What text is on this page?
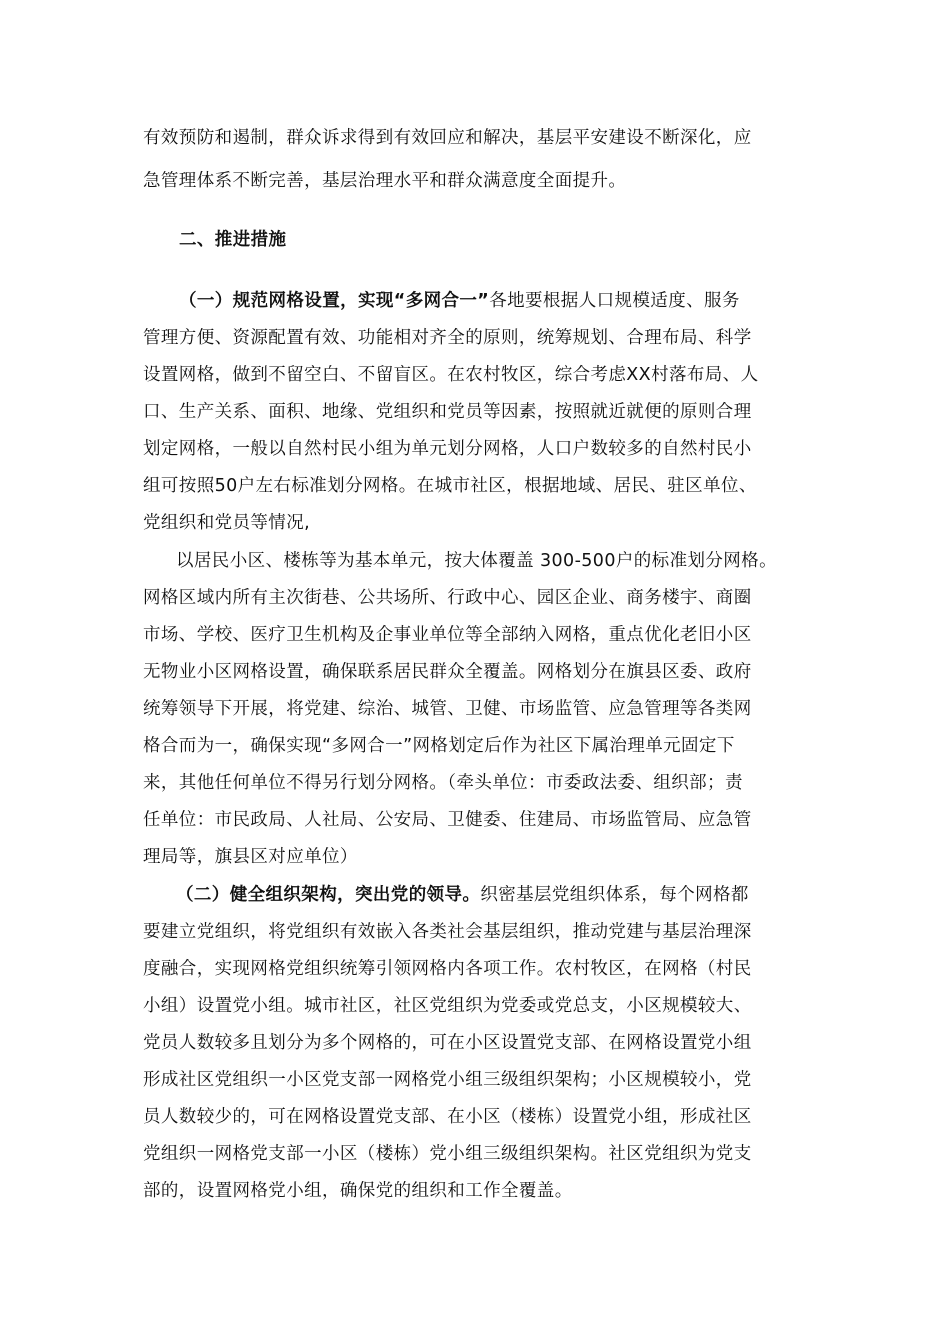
有效预防和遏制，群众诉求得到有效回应和解决，基层平安建设不断深化，应
急管理体系不断完善，基层治理水平和群众满意度全面提升。
二、推进措施
（一）规范网格设置，实现“多网合一”各地要根据人口规模适度、服务
管理方便、资源配置有效、功能相对齐全的原则，统筹规划、合理布局、科学
设置网格，做到不留空白、不留盲区。在农村牧区，综合考虑XX村落布局、人
口、生产关系、面积、地缘、党组织和党员等因素，按照就近就便的原则合理
划定网格，一般以自然村民小组为单元划分网格，人口户数较多的自然村民小
组可按照50户左右标准划分网格。在城市社区，根据地域、居民、驻区单位、
党组织和党员等情况,
以居民小区、楼栋等为基本单元，按大体覆盖 300-500户的标准划分网格。
网格区域内所有主次街巷、公共场所、行政中心、园区企业、商务楼宇、商圈
市场、学校、医疗卫生机构及企事业单位等全部纳入网格，重点优化老旧小区
无物业小区网格设置，确保联系居民群众全覆盖。网格划分在旗县区委、政府
统筹领导下开展，将党建、综治、城管、卫健、市场监管、应急管理等各类网
格合而为一，确保实现“多网合一”网格划定后作为社区下属治理单元固定下
来，其他任何单位不得另行划分网格。（牵头单位：市委政法委、组织部；责
任单位：市民政局、人社局、公安局、卫健委、住建局、市场监管局、应急管
理局等，旗县区对应单位）
（二）健全组织架构，突出党的领导。织密基层党组织体系，每个网格都
要建立党组织，将党组织有效嵌入各类社会基层组织，推动党建与基层治理深
度融合，实现网格党组织统筹引领网格内各项工作。农村牧区，在网格（村民
小组）设置党小组。城市社区，社区党组织为党委或党总支，小区规模较大、
党员人数较多且划分为多个网格的，可在小区设置党支部、在网格设置党小组
形成社区党组织一小区党支部一网格党小组三级组织架构；小区规模较小，党
员人数较少的，可在网格设置党支部、在小区（楼栋）设置党小组，形成社区
党组织一网格党支部一小区（楼栋）党小组三级组织架构。社区党组织为党支
部的，设置网格党小组，确保党的组织和工作全覆盖。
